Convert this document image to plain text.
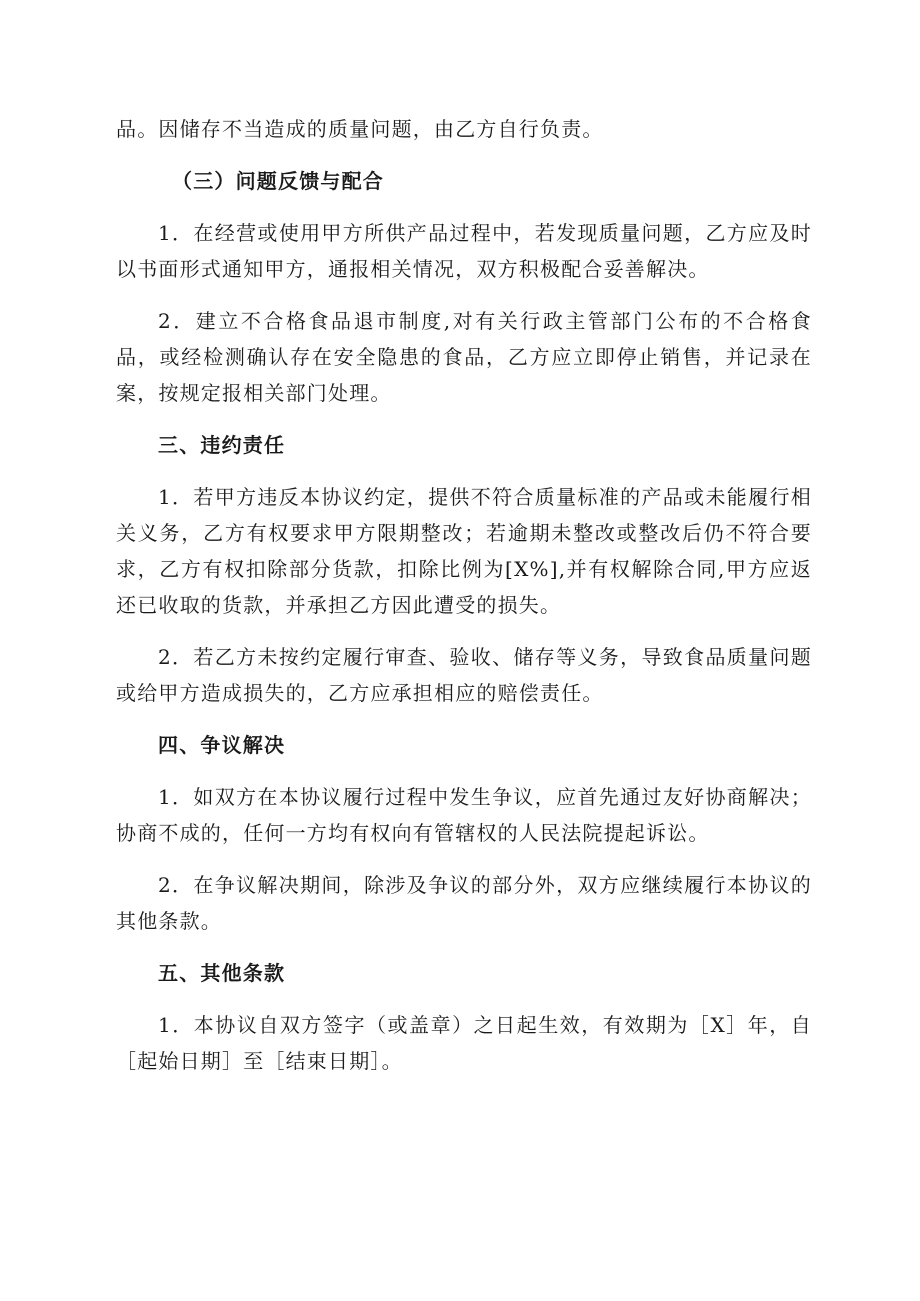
品。因储存不当造成的质量问题，由乙方自行负责。

（三）问题反馈与配合

1．在经营或使用甲方所供产品过程中，若发现质量问题，乙方应及时以书面形式通知甲方，通报相关情况，双方积极配合妥善解决。

2．建立不合格食品退市制度,对有关行政主管部门公布的不合格食品，或经检测确认存在安全隐患的食品，乙方应立即停止销售，并记录在案，按规定报相关部门处理。

三、违约责任

1．若甲方违反本协议约定，提供不符合质量标准的产品或未能履行相关义务，乙方有权要求甲方限期整改；若逾期未整改或整改后仍不符合要求，乙方有权扣除部分货款，扣除比例为[X%],并有权解除合同,甲方应返还已收取的货款，并承担乙方因此遭受的损失。

2．若乙方未按约定履行审查、验收、储存等义务，导致食品质量问题或给甲方造成损失的，乙方应承担相应的赔偿责任。

四、争议解决

1．如双方在本协议履行过程中发生争议，应首先通过友好协商解决；协商不成的，任何一方均有权向有管辖权的人民法院提起诉讼。

2．在争议解决期间，除涉及争议的部分外，双方应继续履行本协议的其他条款。

五、其他条款

1．本协议自双方签字（或盖章）之日起生效，有效期为［X］年，自［起始日期］至［结束日期］。
